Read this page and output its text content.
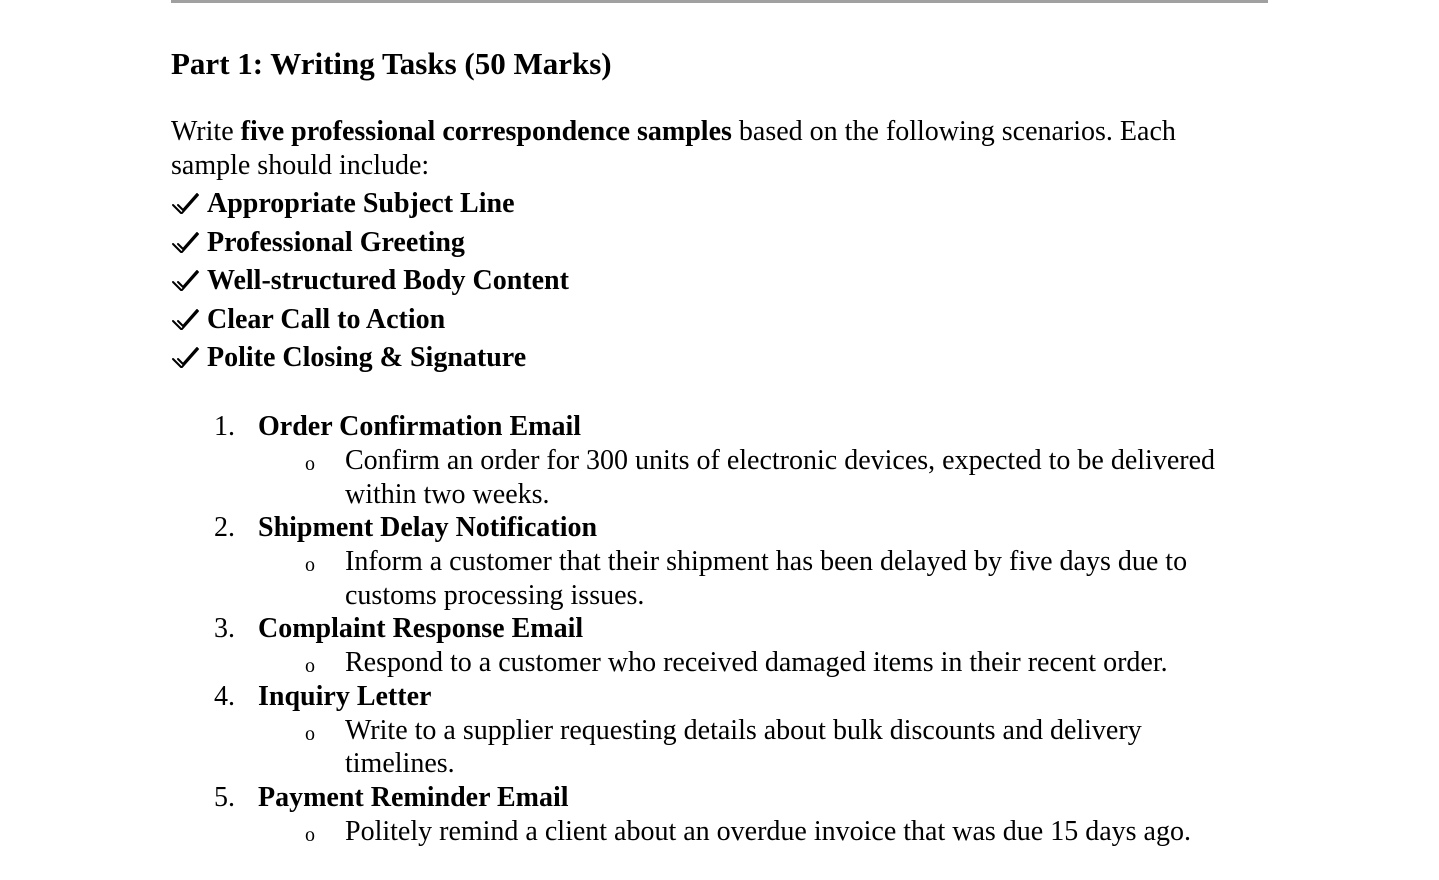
Part 1: Writing Tasks (50 Marks)

Write five professional correspondence samples based on the following scenarios. Each sample should include:

Appropriate Subject Line
Professional Greeting
Well-structured Body Content
Clear Call to Action
Polite Closing & Signature
1. Order Confirmation Email
o Confirm an order for 300 units of electronic devices, expected to be delivered within two weeks.
2. Shipment Delay Notification
o Inform a customer that their shipment has been delayed by five days due to customs processing issues.
3. Complaint Response Email
o Respond to a customer who received damaged items in their recent order.
4. Inquiry Letter
o Write to a supplier requesting details about bulk discounts and delivery timelines.
5. Payment Reminder Email
o Politely remind a client about an overdue invoice that was due 15 days ago.
